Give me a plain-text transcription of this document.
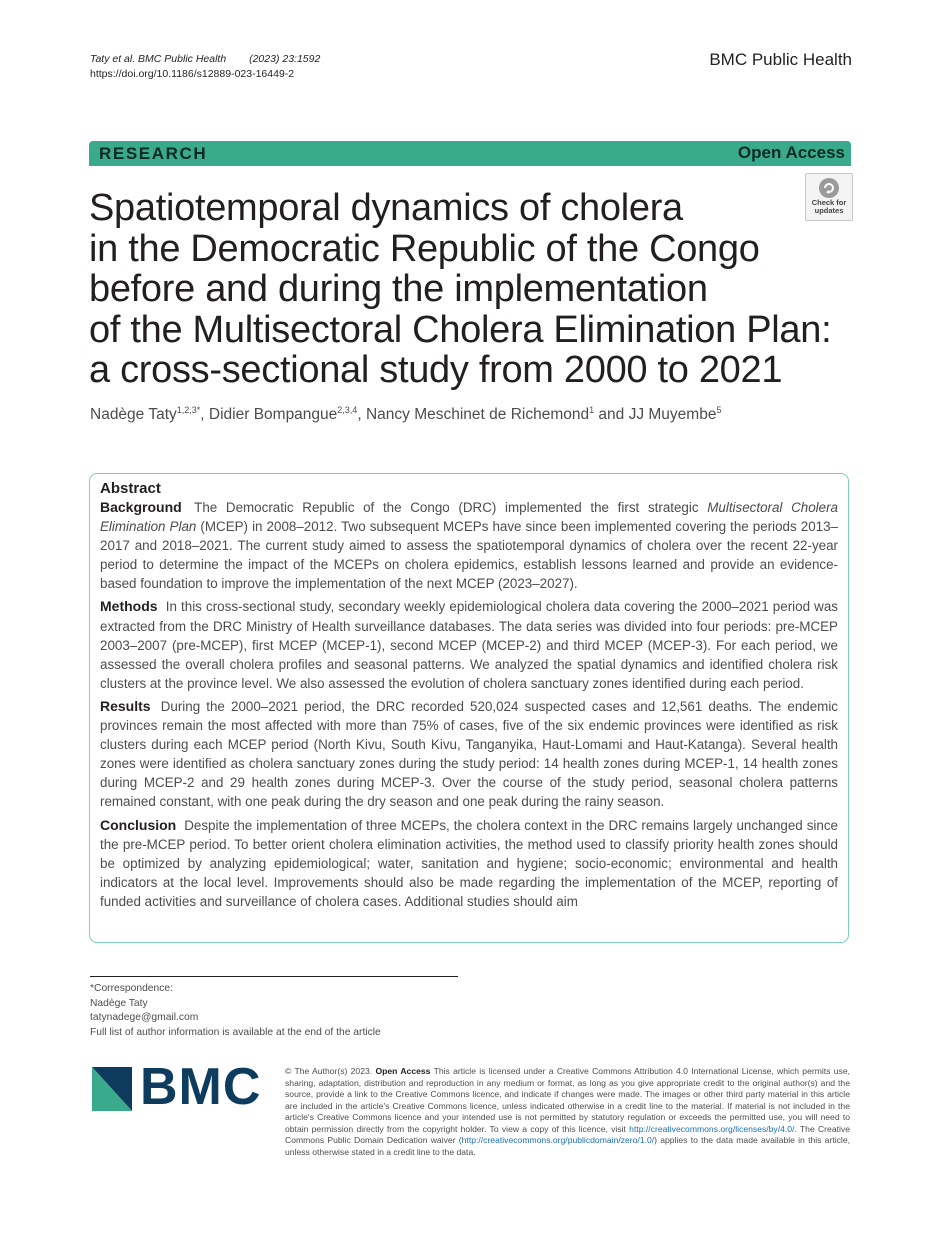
Taty et al. BMC Public Health (2023) 23:1592
https://doi.org/10.1186/s12889-023-16449-2
BMC Public Health
RESEARCH	Open Access
Check for
updates
Spatiotemporal dynamics of cholera
in the Democratic Republic of the Congo
before and during the implementation
of the Multisectoral Cholera Elimination Plan:
a cross-sectional study from 2000 to 2021
Nadège Taty$^{1,2,3*}$, Didier Bompangue$^{2,3,4}$, Nancy Meschinet de Richemond$^1$ and JJ Muyembe$^5$
Abstract

Background The Democratic Republic of the Congo (DRC) implemented the first strategic Multisectoral Cholera Elimination Plan (MCEP) in 2008–2012. Two subsequent MCEPs have since been implemented covering the periods 2013–2017 and 2018–2021. The current study aimed to assess the spatiotemporal dynamics of cholera over the recent 22-year period to determine the impact of the MCEPs on cholera epidemics, establish lessons learned and provide an evidence-based foundation to improve the implementation of the next MCEP (2023–2027).

Methods In this cross-sectional study, secondary weekly epidemiological cholera data covering the 2000–2021 period was extracted from the DRC Ministry of Health surveillance databases. The data series was divided into four periods: pre-MCEP 2003–2007 (pre-MCEP), first MCEP (MCEP-1), second MCEP (MCEP-2) and third MCEP (MCEP-3). For each period, we assessed the overall cholera profiles and seasonal patterns. We analyzed the spatial dynamics and identified cholera risk clusters at the province level. We also assessed the evolution of cholera sanctuary zones identified during each period.

Results During the 2000–2021 period, the DRC recorded 520,024 suspected cases and 12,561 deaths. The endemic provinces remain the most affected with more than 75% of cases, five of the six endemic provinces were identified as risk clusters during each MCEP period (North Kivu, South Kivu, Tanganyika, Haut-Lomami and Haut-Katanga). Several health zones were identified as cholera sanctuary zones during the study period: 14 health zones during MCEP-1, 14 health zones during MCEP-2 and 29 health zones during MCEP-3. Over the course of the study period, seasonal cholera patterns remained constant, with one peak during the dry season and one peak during the rainy season.

Conclusion Despite the implementation of three MCEPs, the cholera context in the DRC remains largely unchanged since the pre-MCEP period. To better orient cholera elimination activities, the method used to classify priority health zones should be optimized by analyzing epidemiological; water, sanitation and hygiene; socio-economic; environmental and health indicators at the local level. Improvements should also be made regarding the implementation of the MCEP, reporting of funded activities and surveillance of cholera cases. Additional studies should aim

*Correspondence:
Nadège Taty
tatynadege@gmail.com
Full list of author information is available at the end of the article
BMC	© The Author(s) 2023. Open Access This article is licensed under a Creative Commons Attribution 4.0 International License, which permits use, sharing, adaptation, distribution and reproduction in any medium or format, as long as you give appropriate credit to the original author(s) and the source, provide a link to the Creative Commons licence, and indicate if changes were made. The images or other third party material in this article are included in the article's Creative Commons licence, unless indicated otherwise in a credit line to the material. If material is not included in the article's Creative Commons licence and your intended use is not permitted by statutory regulation or exceeds the permitted use, you will need to obtain permission directly from the copyright holder. To view a copy of this licence, visit http://creativecommons.org/licenses/by/4.0/. The Creative Commons Public Domain Dedication waiver (http://creativecommons.org/publicdomain/zero/1.0/) applies to the data made available in this article, unless otherwise stated in a credit line to the data.
